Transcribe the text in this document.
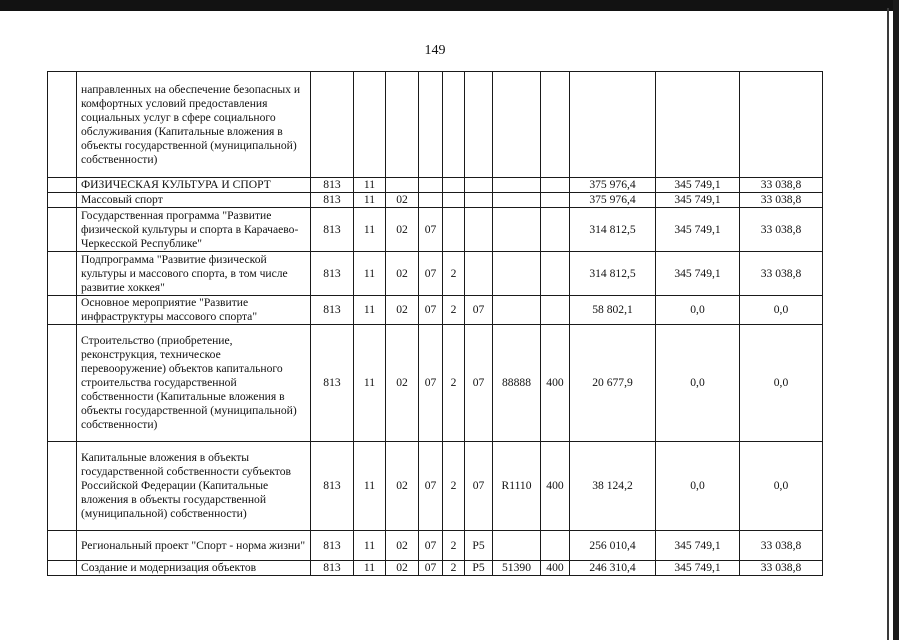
149
	направленных на обеспечение безопасных и комфортных условий предоставления социальных услуг в сфере социального обслуживания (Капитальные вложения в объекты государственной (муниципальной) собственности)											
	ФИЗИЧЕСКАЯ КУЛЬТУРА И СПОРТ	813	11							375 976,4	345 749,1	33 038,8
	Массовый спорт	813	11	02						375 976,4	345 749,1	33 038,8
	Государственная программа "Развитие физической культуры и спорта в Карачаево-Черкесской Республике"	813	11	02	07					314 812,5	345 749,1	33 038,8
	Подпрограмма "Развитие физической культуры и массового спорта, в том числе развитие хоккея"	813	11	02	07	2				314 812,5	345 749,1	33 038,8
	Основное мероприятие "Развитие инфраструктуры массового спорта"	813	11	02	07	2	07			58 802,1	0,0	0,0
	Строительство (приобретение, реконструкция, техническое перевооружение) объектов капитального строительства государственной собственности (Капитальные вложения в объекты государственной (муниципальной) собственности)	813	11	02	07	2	07	88888	400	20 677,9	0,0	0,0
	Капитальные вложения в объекты государственной собственности субъектов Российской Федерации (Капитальные вложения в объекты государственной (муниципальной) собственности)	813	11	02	07	2	07	R1110	400	38 124,2	0,0	0,0
	Региональный проект "Спорт - норма жизни"	813	11	02	07	2	P5			256 010,4	345 749,1	33 038,8
	Создание и модернизация объектов	813	11	02	07	2	P5	51390	400	246 310,4	345 749,1	33 038,8
